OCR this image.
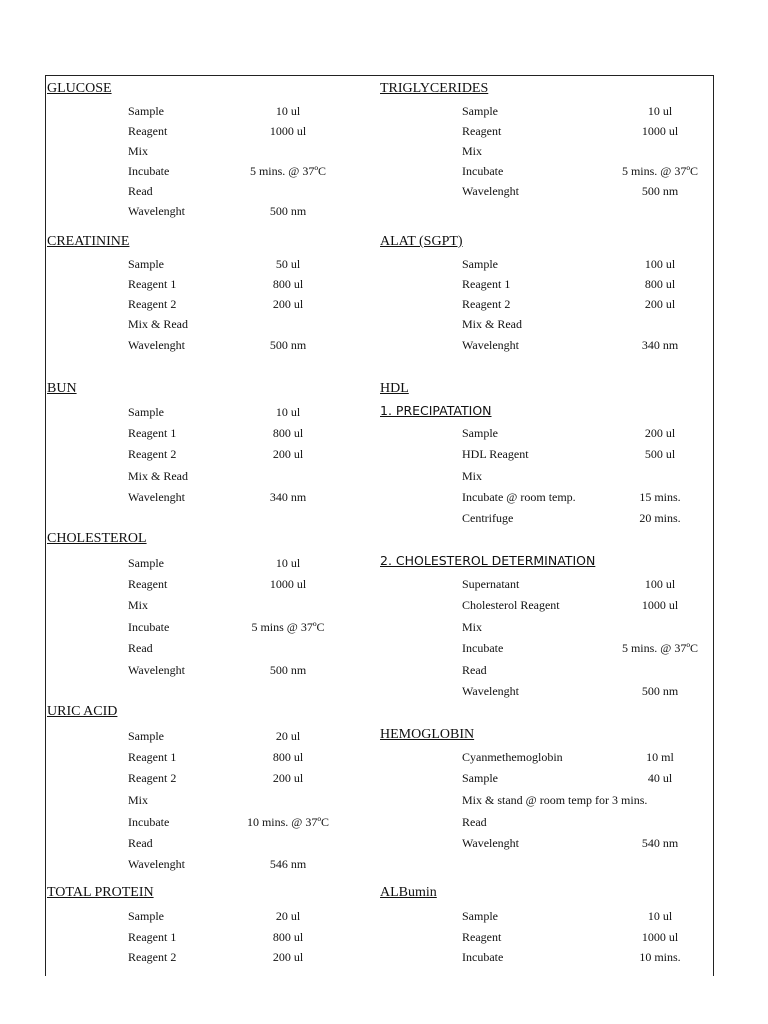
GLUCOSE
Sample	10 ul
Reagent	1000 ul
Mix
Incubate	5 mins. @ 37ºC
Read
Wavelenght	500 nm
CREATININE
Sample	50 ul
Reagent 1	800 ul
Reagent 2	200 ul
Mix & Read
Wavelenght	500 nm
BUN
Sample	10 ul
Reagent 1	800 ul
Reagent 2	200 ul
Mix & Read
Wavelenght	340 nm
CHOLESTEROL
Sample	10 ul
Reagent	1000 ul
Mix
Incubate	5 mins @ 37ºC
Read
Wavelenght	500 nm
URIC ACID
Sample	20 ul
Reagent 1	800 ul
Reagent 2	200 ul
Mix
Incubate	10 mins. @ 37ºC
Read
Wavelenght	546 nm
TOTAL PROTEIN
Sample	20 ul
Reagent 1	800 ul
Reagent 2	200 ul
TRIGLYCERIDES
Sample	10 ul
Reagent	1000 ul
Mix
Incubate	5 mins. @ 37ºC
Wavelenght	500 nm
ALAT (SGPT)
Sample	100 ul
Reagent 1	800 ul
Reagent 2	200 ul
Mix & Read
Wavelenght	340 nm
HDL
1. PRECIPATATION
Sample	200 ul
HDL Reagent	500 ul
Mix
Incubate @ room temp.	15 mins.
Centrifuge	20 mins.
2. CHOLESTEROL DETERMINATION
Supernatant	100 ul
Cholesterol Reagent	1000 ul
Mix
Incubate	5 mins. @ 37ºC
Read
Wavelenght	500 nm
HEMOGLOBIN
Cyanmethemoglobin	10 ml
Sample	40 ul
Mix & stand @ room temp for 3 mins.
Read
Wavelenght	540 nm
ALBumin
Sample	10 ul
Reagent	1000 ul
Incubate	10 mins.
